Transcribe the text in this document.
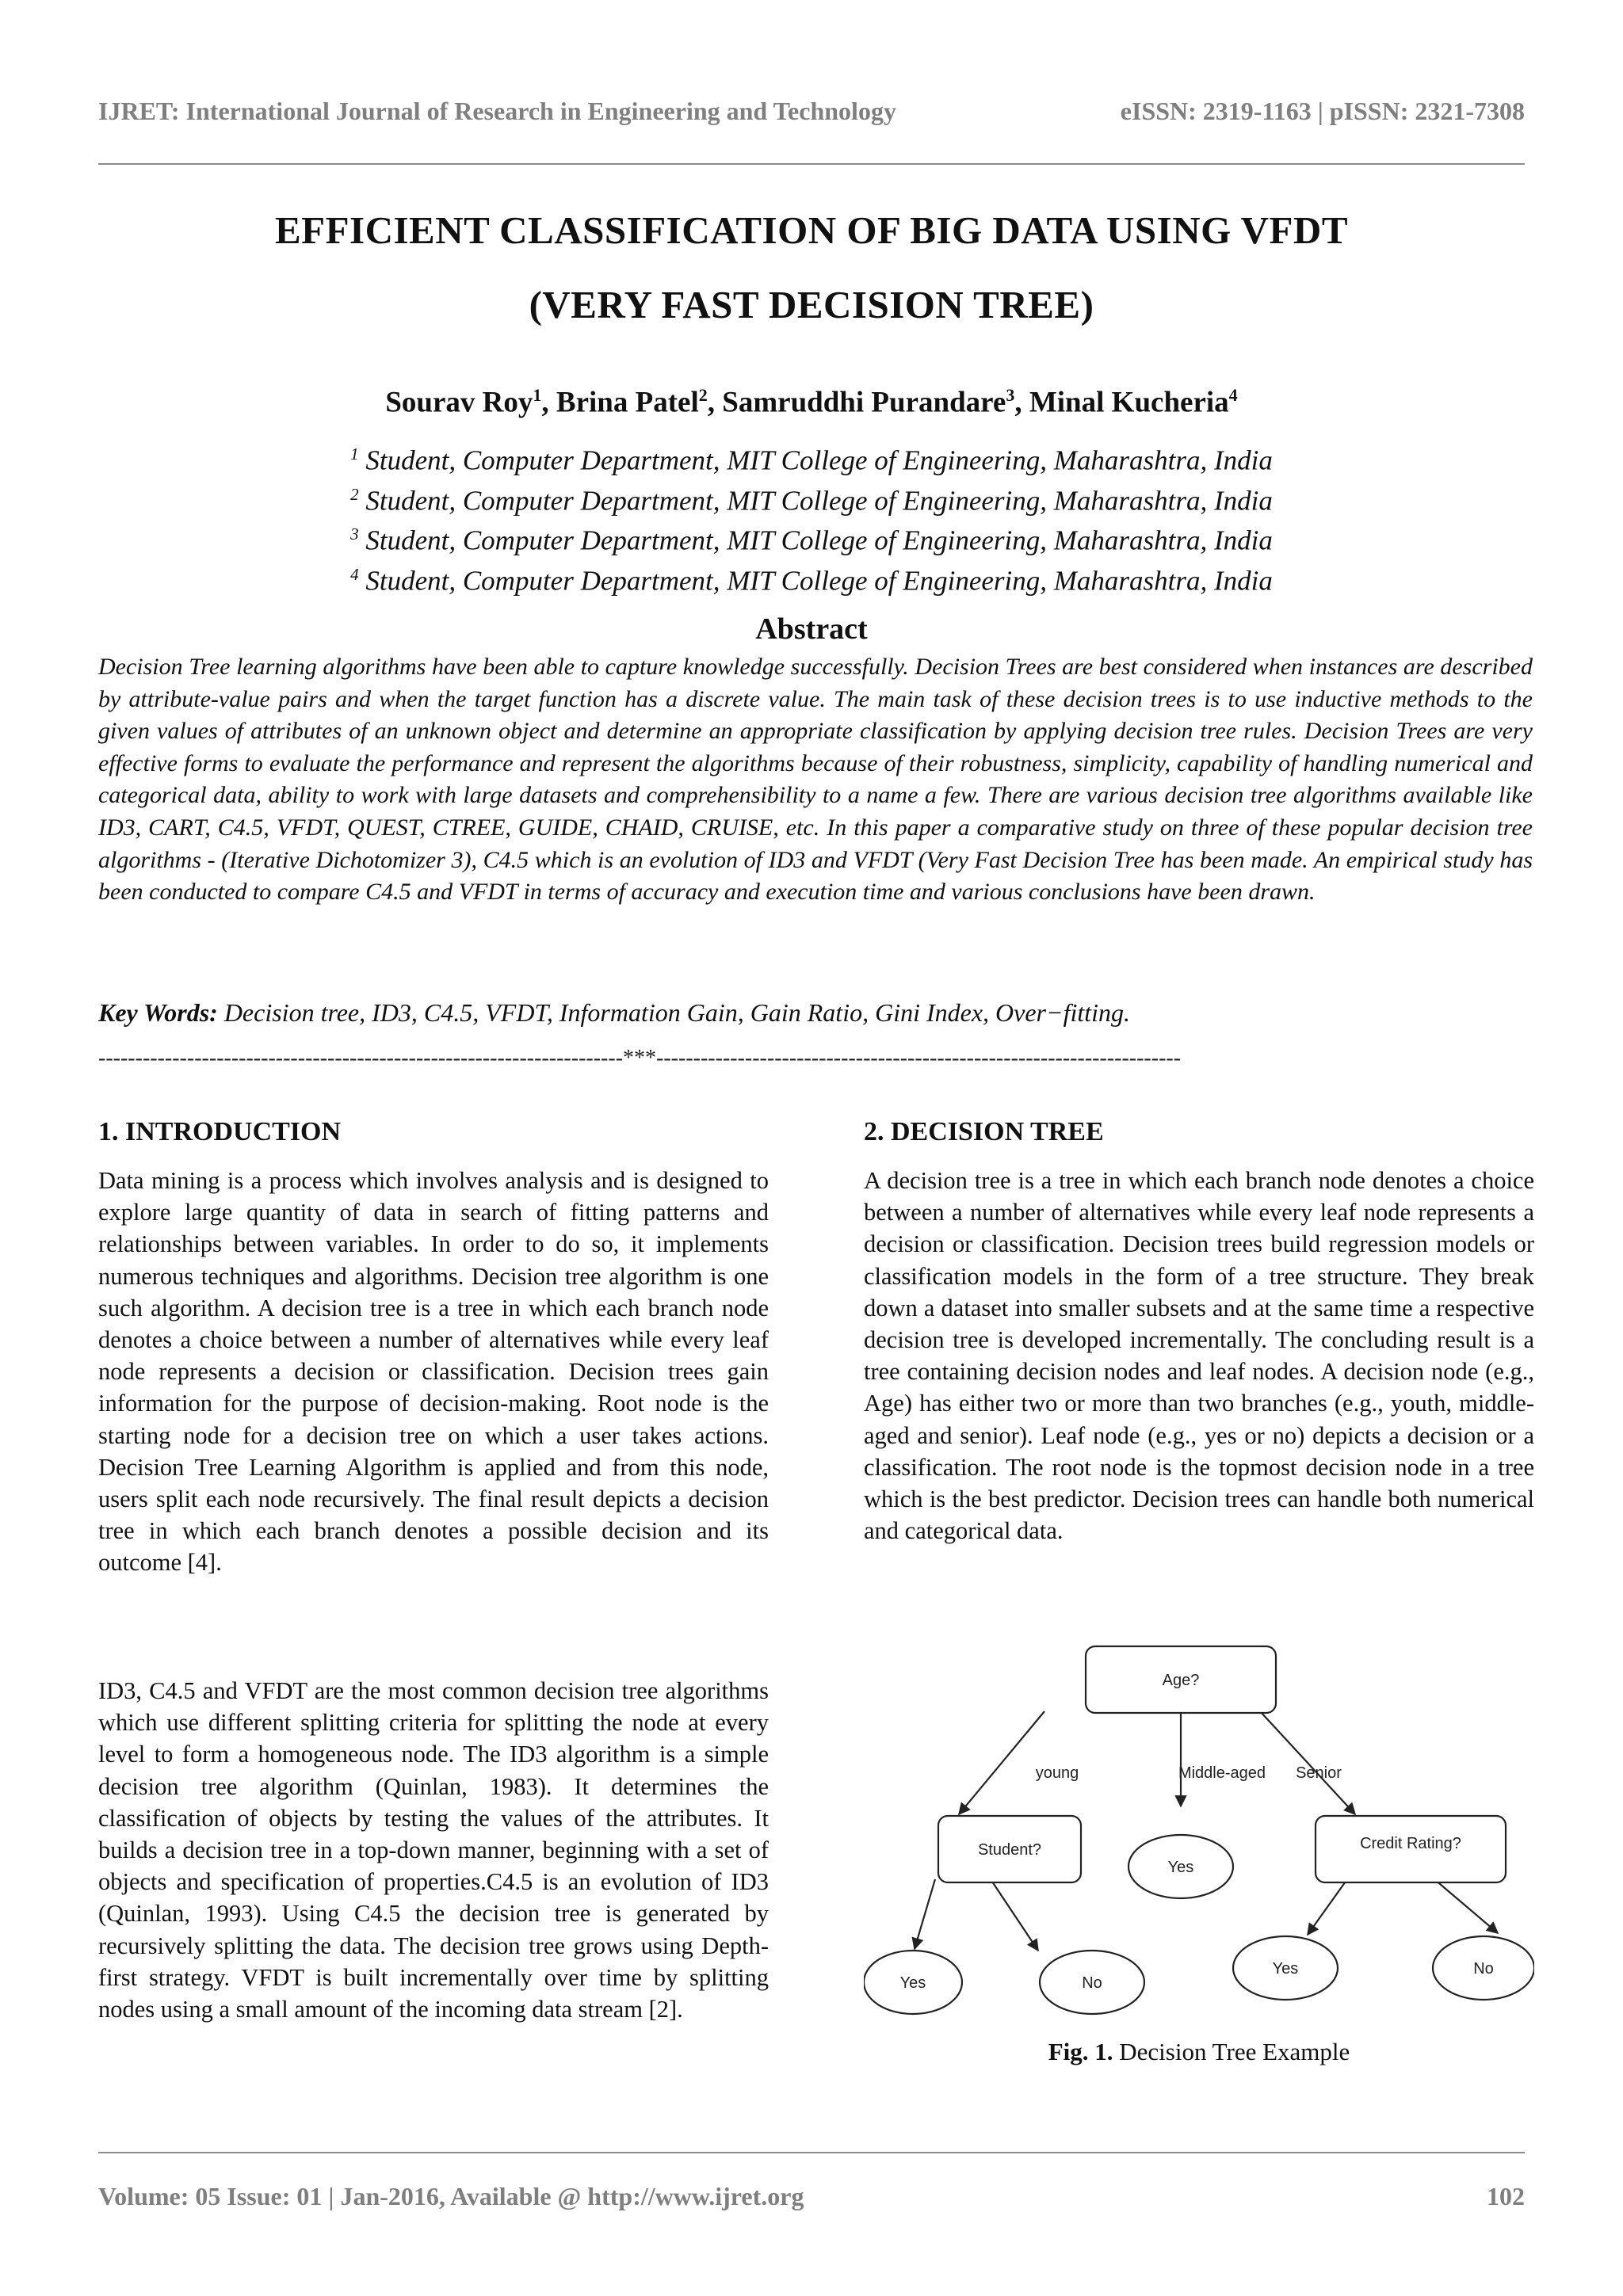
IJRET: International Journal of Research in Engineering and Technology	eISSN: 2319-1163 | pISSN: 2321-7308
EFFICIENT CLASSIFICATION OF BIG DATA USING VFDT
(VERY FAST DECISION TREE)
Sourav Roy$^1$, Brina Patel$^2$, Samruddhi Purandare$^3$, Minal Kucheria$^4$
$^1$ Student, Computer Department, MIT College of Engineering, Maharashtra, India
$^2$ Student, Computer Department, MIT College of Engineering, Maharashtra, India
$^3$ Student, Computer Department, MIT College of Engineering, Maharashtra, India
$^4$ Student, Computer Department, MIT College of Engineering, Maharashtra, India
Abstract
Decision Tree learning algorithms have been able to capture knowledge successfully. Decision Trees are best considered when instances are described by attribute-value pairs and when the target function has a discrete value. The main task of these decision trees is to use inductive methods to the given values of attributes of an unknown object and determine an appropriate classification by applying decision tree rules. Decision Trees are very effective forms to evaluate the performance and represent the algorithms because of their robustness, simplicity, capability of handling numerical and categorical data, ability to work with large datasets and comprehensibility to a name a few. There are various decision tree algorithms available like ID3, CART, C4.5, VFDT, QUEST, CTREE, GUIDE, CHAID, CRUISE, etc. In this paper a comparative study on three of these popular decision tree algorithms - (Iterative Dichotomizer 3), C4.5 which is an evolution of ID3 and VFDT (Very Fast Decision Tree has been made. An empirical study has been conducted to compare C4.5 and VFDT in terms of accuracy and execution time and various conclusions have been drawn.
Key Words: Decision tree, ID3, C4.5, VFDT, Information Gain, Gain Ratio, Gini Index, Over−fitting.
-----------------------------------------------------------------------***-----------------------------------------------------------------------
1. INTRODUCTION
Data mining is a process which involves analysis and is designed to explore large quantity of data in search of fitting patterns and relationships between variables. In order to do so, it implements numerous techniques and algorithms. Decision tree algorithm is one such algorithm. A decision tree is a tree in which each branch node denotes a choice between a number of alternatives while every leaf node represents a decision or classification. Decision trees gain information for the purpose of decision-making. Root node is the starting node for a decision tree on which a user takes actions. Decision Tree Learning Algorithm is applied and from this node, users split each node recursively. The final result depicts a decision tree in which each branch denotes a possible decision and its outcome [4].
ID3, C4.5 and VFDT are the most common decision tree algorithms which use different splitting criteria for splitting the node at every level to form a homogeneous node. The ID3 algorithm is a simple decision tree algorithm (Quinlan, 1983). It determines the classification of objects by testing the values of the attributes. It builds a decision tree in a top-down manner, beginning with a set of objects and specification of properties.C4.5 is an evolution of ID3 (Quinlan, 1993). Using C4.5 the decision tree is generated by recursively splitting the data. The decision tree grows using Depth-first strategy. VFDT is built incrementally over time by splitting nodes using a small amount of the incoming data stream [2].
2. DECISION TREE
A decision tree is a tree in which each branch node denotes a choice between a number of alternatives while every leaf node represents a decision or classification. Decision trees build regression models or classification models in the form of a tree structure. They break down a dataset into smaller subsets and at the same time a respective decision tree is developed incrementally. The concluding result is a tree containing decision nodes and leaf nodes. A decision node (e.g., Age) has either two or more than two branches (e.g., youth, middle- aged and senior). Leaf node (e.g., yes or no) depicts a decision or a classification. The root node is the topmost decision node in a tree which is the best predictor. Decision trees can handle both numerical and categorical data.
Age?
Student?
Yes
Credit Rating?
Yes	No
Yes	No
young	Middle-aged Senior
Fig. 1. Decision Tree Example
Volume: 05 Issue: 01 | Jan-2016, Available @ http://www.ijret.org	102
